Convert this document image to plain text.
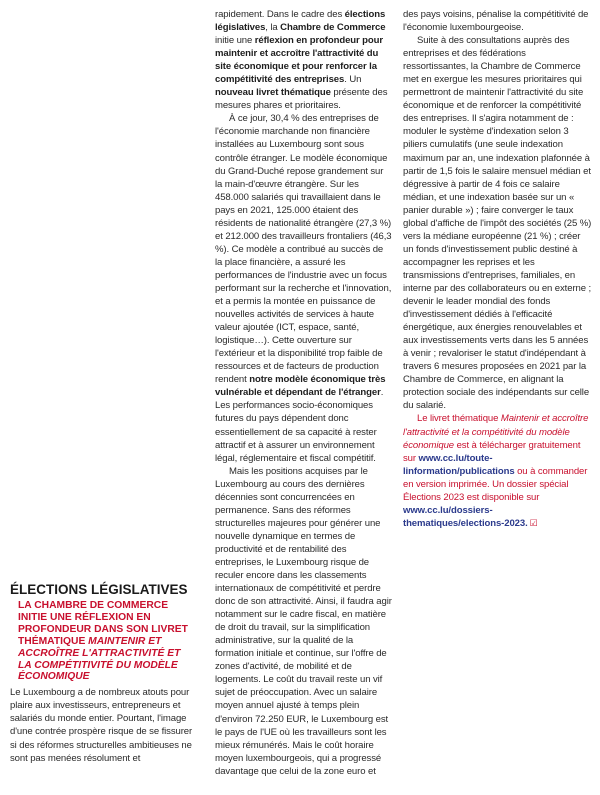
ÉLECTIONS LÉGISLATIVES
LA CHAMBRE DE COMMERCE INITIE UNE RÉFLEXION EN PROFONDEUR DANS SON LIVRET THÉMATIQUE MAINTENIR ET ACCROÎTRE L'ATTRACTIVITÉ ET LA COMPÉTITIVITÉ DU MODÈLE ÉCONOMIQUE

Le Luxembourg a de nombreux atouts pour plaire aux investisseurs, entrepreneurs et salariés du monde entier. Pourtant, l'image d'une contrée prospère risque de se fissurer si des réformes structurelles ambitieuses ne sont pas menées résolument et

rapidement. Dans le cadre des élections législatives, la Chambre de Commerce initie une réflexion en profondeur pour maintenir et accroître l'attractivité du site économique et pour renforcer la compétitivité des entreprises. Un nouveau livret thématique présente des mesures phares et prioritaires.

À ce jour, 30,4 % des entreprises de l'économie marchande non financière installées au Luxembourg sont sous contrôle étranger. Le modèle économique du Grand-Duché repose grandement sur la main-d'œuvre étrangère. Sur les 458.000 salariés qui travaillaient dans le pays en 2021, 125.000 étaient des résidents de nationalité étrangère (27,3 %) et 212.000 des travailleurs frontaliers (46,3 %). Ce modèle a contribué au succès de la place financière, a assuré les performances de l'industrie avec un focus performant sur la recherche et l'innovation, et a permis la montée en puissance de nouvelles activités de services à haute valeur ajoutée (ICT, espace, santé, logistique…). Cette ouverture sur l'extérieur et la disponibilité trop faible de ressources et de facteurs de production rendent notre modèle économique très vulnérable et dépendant de l'étranger. Les performances socio-économiques futures du pays dépendent donc essentiellement de sa capacité à rester attractif et à assurer un environnement légal, réglementaire et fiscal compétitif.

Mais les positions acquises par le Luxembourg au cours des dernières décennies sont concurrencées en permanence. Sans des réformes structurelles majeures pour générer une nouvelle dynamique en termes de productivité et de rentabilité des entreprises, le Luxembourg risque de reculer encore dans les classements internationaux de compétitivité et perdre donc de son attractivité. Ainsi, il faudra agir notamment sur le cadre fiscal, en matière de droit du travail, sur la simplification administrative, sur la qualité de la formation initiale et continue, sur l'offre de zones d'activité, de mobilité et de logements. Le coût du travail reste un vif sujet de préoccupation. Avec un salaire moyen annuel ajusté à temps plein d'environ 72.250 EUR, le Luxembourg est le pays de l'UE où les travailleurs sont les mieux rémunérés. Mais le coût horaire moyen luxembourgeois, qui a progressé davantage que celui de la zone euro et

des pays voisins, pénalise la compétitivité de l'économie luxembourgeoise.

Suite à des consultations auprès des entreprises et des fédérations ressortissantes, la Chambre de Commerce met en exergue les mesures prioritaires qui permettront de maintenir l'attractivité du site économique et de renforcer la compétitivité des entreprises. Il s'agira notamment de : moduler le système d'indexation selon 3 piliers cumulatifs (une seule indexation maximum par an, une indexation plafonnée à partir de 1,5 fois le salaire mensuel médian et dégressive à partir de 4 fois ce salaire médian, et une indexation basée sur un « panier durable ») ; faire converger le taux global d'affiche de l'impôt des sociétés (25 %) vers la médiane européenne (21 %) ; créer un fonds d'investissement public destiné à accompagner les reprises et les transmissions d'entreprises, familiales, en interne par des collaborateurs ou en externe ; devenir le leader mondial des fonds d'investissement dédiés à l'efficacité énergétique, aux énergies renouvelables et aux investissements verts dans les 5 années à venir ; revaloriser le statut d'indépendant à travers 6 mesures proposées en 2021 par la Chambre de Commerce, en alignant la protection sociale des indépendants sur celle du salarié.

Le livret thématique Maintenir et accroître l'attractivité et la compétitivité du modèle économique est à télécharger gratuitement sur www.cc.lu/toute-linformation/publications ou à commander en version imprimée. Un dossier spécial Élections 2023 est disponible sur www.cc.lu/dossiers-thematiques/elections-2023. ☑
